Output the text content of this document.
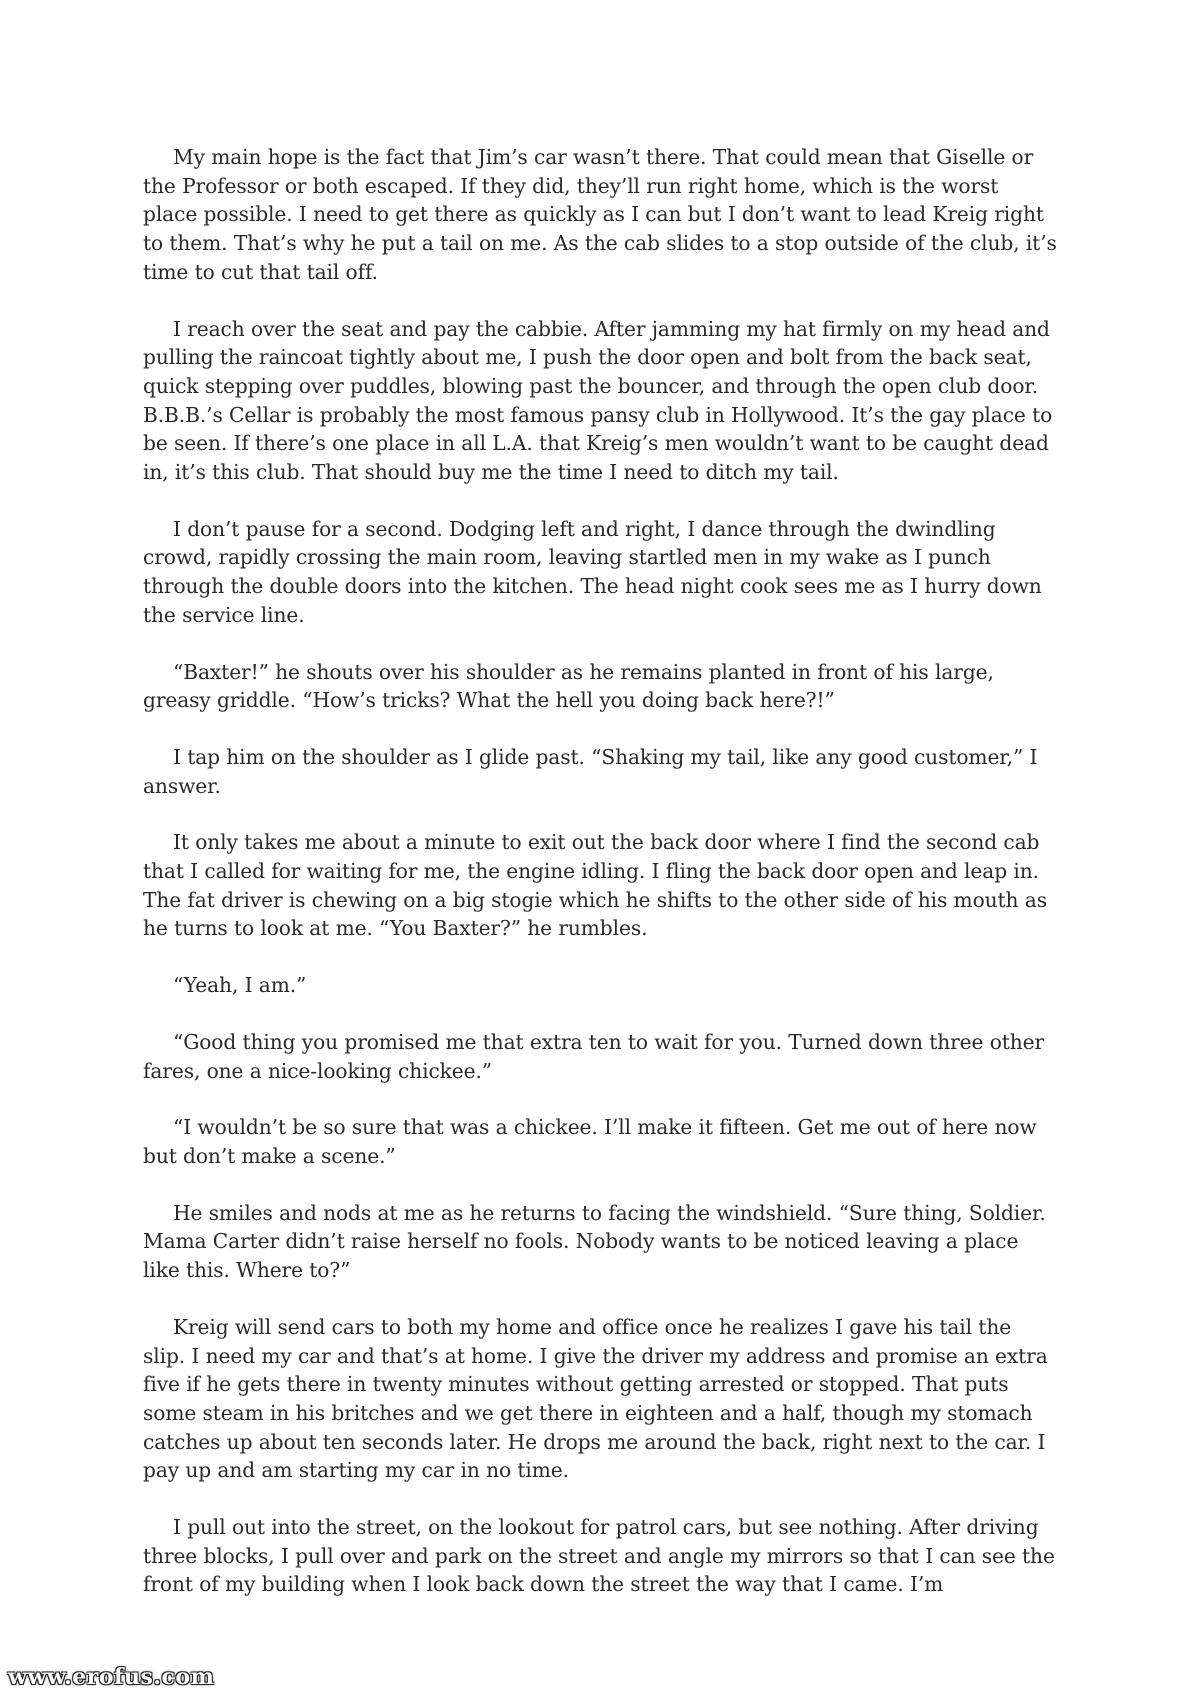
My main hope is the fact that Jim’s car wasn’t there. That could mean that Giselle or the Professor or both escaped. If they did, they’ll run right home, which is the worst place possible. I need to get there as quickly as I can but I don’t want to lead Kreig right to them. That’s why he put a tail on me. As the cab slides to a stop outside of the club, it’s time to cut that tail off.

I reach over the seat and pay the cabbie. After jamming my hat firmly on my head and pulling the raincoat tightly about me, I push the door open and bolt from the back seat, quick stepping over puddles, blowing past the bouncer, and through the open club door. B.B.B.’s Cellar is probably the most famous pansy club in Hollywood. It’s the gay place to be seen. If there’s one place in all L.A. that Kreig’s men wouldn’t want to be caught dead in, it’s this club. That should buy me the time I need to ditch my tail.

I don’t pause for a second. Dodging left and right, I dance through the dwindling crowd, rapidly crossing the main room, leaving startled men in my wake as I punch through the double doors into the kitchen. The head night cook sees me as I hurry down the service line.

“Baxter!” he shouts over his shoulder as he remains planted in front of his large, greasy griddle. “How’s tricks? What the hell you doing back here?!”

I tap him on the shoulder as I glide past. “Shaking my tail, like any good customer,” I answer.

It only takes me about a minute to exit out the back door where I find the second cab that I called for waiting for me, the engine idling. I fling the back door open and leap in. The fat driver is chewing on a big stogie which he shifts to the other side of his mouth as he turns to look at me. “You Baxter?” he rumbles.

“Yeah, I am.”

“Good thing you promised me that extra ten to wait for you. Turned down three other fares, one a nice-looking chickee.”

“I wouldn’t be so sure that was a chickee. I’ll make it fifteen. Get me out of here now but don’t make a scene.”

He smiles and nods at me as he returns to facing the windshield. “Sure thing, Soldier. Mama Carter didn’t raise herself no fools. Nobody wants to be noticed leaving a place like this. Where to?”

Kreig will send cars to both my home and office once he realizes I gave his tail the slip. I need my car and that’s at home. I give the driver my address and promise an extra five if he gets there in twenty minutes without getting arrested or stopped. That puts some steam in his britches and we get there in eighteen and a half, though my stomach catches up about ten seconds later. He drops me around the back, right next to the car. I pay up and am starting my car in no time.

I pull out into the street, on the lookout for patrol cars, but see nothing. After driving three blocks, I pull over and park on the street and angle my mirrors so that I can see the front of my building when I look back down the street the way that I came. I’m

www.erofus.com
